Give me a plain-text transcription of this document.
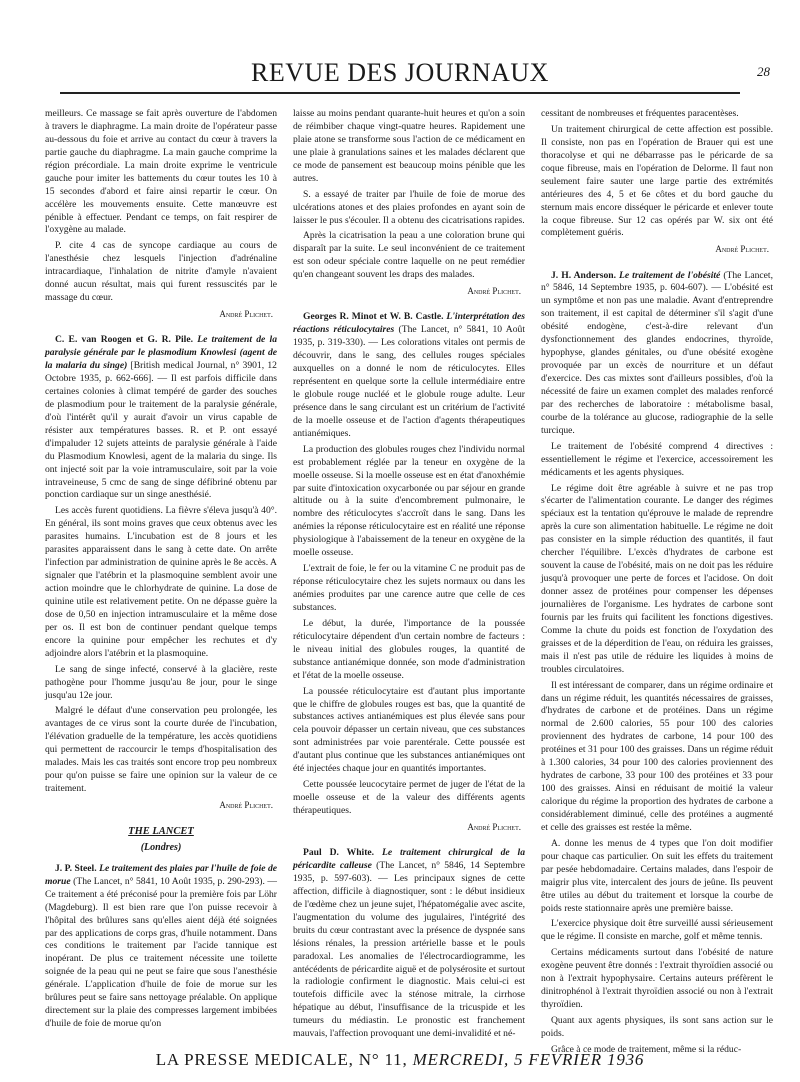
REVUE DES JOURNAUX	28

meilleurs. Ce massage se fait après ouverture de l'abdomen à travers le diaphragme. La main droite de l'opérateur passe au-dessous du foie et arrive au contact du cœur à travers la partie gauche du diaphragme. La main gauche comprime la région précordiale. La main droite exprime le ventricule gauche pour imiter les battements du cœur toutes les 10 à 15 secondes d'abord et faire ainsi repartir le cœur. On accélère les mouvements ensuite. Cette manœuvre est pénible à effectuer. Pendant ce temps, on fait respirer de l'oxygène au malade.

P. cite 4 cas de syncope cardiaque au cours de l'anesthésie chez lesquels l'injection d'adrénaline intracardiaque, l'inhalation de nitrite d'amyle n'avaient donné aucun résultat, mais qui furent ressuscités par le massage du cœur.

André Plichet.

C. E. van Roogen et G. R. Pile. Le traitement de la paralysie générale par le plasmodium Knowlesi (agent de la malaria du singe) [British medical Journal, n° 3901, 12 Octobre 1935, p. 662-666]. — Il est parfois difficile dans certaines colonies à climat tempéré de garder des souches de plasmodium pour le traitement de la paralysie générale, d'où l'intérêt qu'il y aurait d'avoir un virus capable de résister aux températures basses. R. et P. ont essayé d'impaluder 12 sujets atteints de paralysie générale à l'aide du Plasmodium Knowlesi, agent de la malaria du singe. Ils ont injecté soit par la voie intramusculaire, soit par la voie intraveineuse, 5 cmc de sang de singe défibriné obtenu par ponction cardiaque sur un singe anesthésié.

Les accès furent quotidiens. La fièvre s'éleva jusqu'à 40°. En général, ils sont moins graves que ceux obtenus avec les parasites humains. L'incubation est de 8 jours et les parasites apparaissent dans le sang à cette date. On arrête l'infection par administration de quinine après le 8e accès. A signaler que l'atébrin et la plasmoquine semblent avoir une action moindre que le chlorhydrate de quinine. La dose de quinine utile est relativement petite. On ne dépasse guère la dose de 0,50 en injection intramusculaire et la même dose per os. Il est bon de continuer pendant quelque temps encore la quinine pour empêcher les rechutes et d'y adjoindre alors l'atébrin et la plasmoquine.

Le sang de singe infecté, conservé à la glacière, reste pathogène pour l'homme jusqu'au 8e jour, pour le singe jusqu'au 12e jour.

Malgré le défaut d'une conservation peu prolongée, les avantages de ce virus sont la courte durée de l'incubation, l'élévation graduelle de la température, les accès quotidiens qui permettent de raccourcir le temps d'hospitalisation des malades. Mais les cas traités sont encore trop peu nombreux pour qu'on puisse se faire une opinion sur la valeur de ce traitement.

André Plichet.
THE LANCET
(Londres)

J. P. Steel. Le traitement des plaies par l'huile de foie de morue (The Lancet, n° 5841, 10 Août 1935, p. 290-293). — Ce traitement a été préconisé pour la première fois par Löhr (Magdeburg). Il est bien rare que l'on puisse recevoir à l'hôpital des brûlures sans qu'elles aient déjà été soignées par des applications de corps gras, d'huile notamment. Dans ces conditions le traitement par l'acide tannique est inopérant. De plus ce traitement nécessite une toilette soignée de la peau qui ne peut se faire que sous l'anesthésie générale. L'application d'huile de foie de morue sur les brûlures peut se faire sans nettoyage préalable. On applique directement sur la plaie des compresses largement imbibées d'huile de foie de morue qu'on

laisse au moins pendant quarante-huit heures et qu'on a soin de réimbiber chaque vingt-quatre heures. Rapidement une plaie atone se transforme sous l'action de ce médicament en une plaie à granulations saines et les malades déclarent que ce mode de pansement est beaucoup moins pénible que les autres.

S. a essayé de traiter par l'huile de foie de morue des ulcérations atones et des plaies profondes en ayant soin de laisser le pus s'écouler. Il a obtenu des cicatrisations rapides.

Après la cicatrisation la peau a une coloration brune qui disparaît par la suite. Le seul inconvénient de ce traitement est son odeur spéciale contre laquelle on ne peut remédier qu'en changeant souvent les draps des malades.

André Plichet.

Georges R. Minot et W. B. Castle. L'interprétation des réactions réticulocytaires (The Lancet, n° 5841, 10 Août 1935, p. 319-330). — Les colorations vitales ont permis de découvrir, dans le sang, des cellules rouges spéciales auxquelles on a donné le nom de réticulocytes. Elles représentent en quelque sorte la cellule intermédiaire entre le globule rouge nucléé et le globule rouge adulte. Leur présence dans le sang circulant est un critérium de l'activité de la moelle osseuse et de l'action d'agents thérapeutiques antianémiques.

La production des globules rouges chez l'individu normal est probablement réglée par la teneur en oxygène de la moelle osseuse. Si la moelle osseuse est en état d'anoxhémie par suite d'intoxication oxycarbonée ou par séjour en grande altitude ou à la suite d'encombrement pulmonaire, le nombre des réticulocytes s'accroît dans le sang. Dans les anémies la réponse réticulocytaire est en réalité une réponse physiologique à l'abaissement de la teneur en oxygène de la moelle osseuse.

L'extrait de foie, le fer ou la vitamine C ne produit pas de réponse réticulocytaire chez les sujets normaux ou dans les anémies produites par une carence autre que celle de ces substances.

Le début, la durée, l'importance de la poussée réticulocytaire dépendent d'un certain nombre de facteurs : le niveau initial des globules rouges, la quantité de substance antianémique donnée, son mode d'administration et l'état de la moelle osseuse.

La poussée réticulocytaire est d'autant plus importante que le chiffre de globules rouges est bas, que la quantité de substances actives antianémiques est plus élevée sans pour cela pouvoir dépasser un certain niveau, que ces substances sont administrées par voie parentérale. Cette poussée est d'autant plus continue que les substances antianémiques ont été injectées chaque jour en quantités importantes.

Cette poussée leucocytaire permet de juger de l'état de la moelle osseuse et de la valeur des différents agents thérapeutiques.

André Plichet.

Paul D. White. Le traitement chirurgical de la péricardite calleuse (The Lancet, n° 5846, 14 Septembre 1935, p. 597-603). — Les principaux signes de cette affection, difficile à diagnostiquer, sont : le début insidieux de l'œdème chez un jeune sujet, l'hépatomégalie avec ascite, l'augmentation du volume des jugulaires, l'intégrité des bruits du cœur contrastant avec la présence de dyspnée sans lésions rénales, la pression artérielle basse et le pouls paradoxal. Les anomalies de l'électrocardiogramme, les antécédents de péricardite aiguë et de polysérosite et surtout la radiologie confirment le diagnostic. Mais celui-ci est toutefois difficile avec la sténose mitrale, la cirrhose hépatique au début, l'insuffisance de la tricuspide et les tumeurs du médiastin. Le pronostic est franchement mauvais, l'affection provoquant une demi-invalidité et né-

cessitant de nombreuses et fréquentes paracentèses.

Un traitement chirurgical de cette affection est possible. Il consiste, non pas en l'opération de Brauer qui est une thoracolyse et qui ne débarrasse pas le péricarde de sa coque fibreuse, mais en l'opération de Delorme. Il faut non seulement faire sauter une large partie des extrémités antérieures des 4, 5 et 6e côtes et du bord gauche du sternum mais encore disséquer le péricarde et enlever toute la coque fibreuse. Sur 12 cas opérés par W. six ont été complètement guéris.

André Plichet.

J. H. Anderson. Le traitement de l'obésité (The Lancet, n° 5846, 14 Septembre 1935, p. 604-607). — L'obésité est un symptôme et non pas une maladie. Avant d'entreprendre son traitement, il est capital de déterminer s'il s'agit d'une obésité endogène, c'est-à-dire relevant d'un dysfonctionnement des glandes endocrines, thyroïde, hypophyse, glandes génitales, ou d'une obésité exogène provoquée par un excès de nourriture et un défaut d'exercice. Des cas mixtes sont d'ailleurs possibles, d'où la nécessité de faire un examen complet des malades renforcé par des recherches de laboratoire : métabolisme basal, courbe de la tolérance au glucose, radiographie de la selle turcique.

Le traitement de l'obésité comprend 4 directives : essentiellement le régime et l'exercice, accessoirement les médicaments et les agents physiques.

Le régime doit être agréable à suivre et ne pas trop s'écarter de l'alimentation courante. Le danger des régimes spéciaux est la tentation qu'éprouve le malade de reprendre après la cure son alimentation habituelle. Le régime ne doit pas consister en la simple réduction des quantités, il faut chercher l'équilibre. L'excès d'hydrates de carbone est souvent la cause de l'obésité, mais on ne doit pas les réduire jusqu'à provoquer une perte de forces et l'acidose. On doit donner assez de protéines pour compenser les dépenses journalières de l'organisme. Les hydrates de carbone sont fournis par les fruits qui facilitent les fonctions digestives. Comme la chute du poids est fonction de l'oxydation des graisses et de la déperdition de l'eau, on réduira les graisses, mais il n'est pas utile de réduire les liquides à moins de troubles circulatoires.

Il est intéressant de comparer, dans un régime ordinaire et dans un régime réduit, les quantités nécessaires de graisses, d'hydrates de carbone et de protéines. Dans un régime normal de 2.600 calories, 55 pour 100 des calories proviennent des hydrates de carbone, 14 pour 100 des protéines et 31 pour 100 des graisses. Dans un régime réduit à 1.300 calories, 34 pour 100 des calories proviennent des hydrates de carbone, 33 pour 100 des protéines et 33 pour 100 des graisses. Ainsi en réduisant de moitié la valeur calorique du régime la proportion des hydrates de carbone a considérablement diminué, celle des protéines a augmenté et celle des graisses est restée la même.

A. donne les menus de 4 types que l'on doit modifier pour chaque cas particulier. On suit les effets du traitement par pesée hebdomadaire. Certains malades, dans l'espoir de maigrir plus vite, intercalent des jours de jeûne. Ils peuvent être utiles au début du traitement et lorsque la courbe de poids reste stationnaire après une première baisse.

L'exercice physique doit être surveillé aussi sérieusement que le régime. Il consiste en marche, golf et même tennis.

Certains médicaments surtout dans l'obésité de nature exogène peuvent être donnés : l'extrait thyroïdien associé ou non à l'extrait hypophysaire. Certains auteurs préfèrent le dinitrophénol à l'extrait thyroïdien associé ou non à l'extrait thyroïdien.

Quant aux agents physiques, ils sont sans action sur le poids.

Grâce à ce mode de traitement, même si la réduc-

LA PRESSE MEDICALE, N° 11, MERCREDI, 5 FEVRIER 1936
